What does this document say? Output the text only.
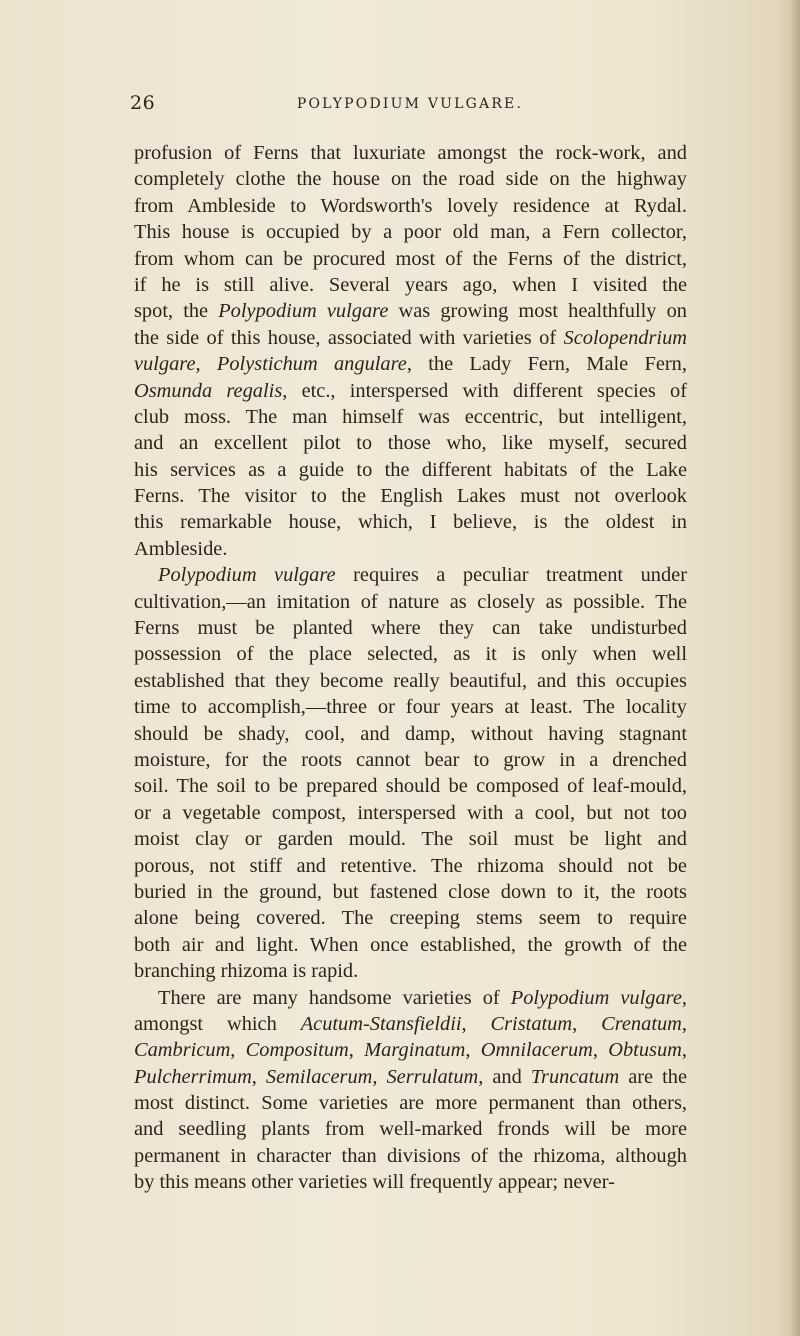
26	POLYPODIUM VULGARE.
profusion of Ferns that luxuriate amongst the rock-work, and
completely clothe the house on the road side on the highway
from Ambleside to Wordsworth's lovely residence at Rydal.
This house is occupied by a poor old man, a Fern collector,
from whom can be procured most of the Ferns of the district,
if he is still alive. Several years ago, when I visited the
spot, the Polypodium vulgare was growing most healthfully on
the side of this house, associated with varieties of Scolopendrium
vulgare, Polystichum angulare, the Lady Fern, Male Fern,
Osmunda regalis, etc., interspersed with different species of
club moss. The man himself was eccentric, but intelligent,
and an excellent pilot to those who, like myself, secured
his services as a guide to the different habitats of the Lake
Ferns. The visitor to the English Lakes must not overlook
this remarkable house, which, I believe, is the oldest in
Ambleside.
Polypodium vulgare requires a peculiar treatment under
cultivation,—an imitation of nature as closely as possible. The
Ferns must be planted where they can take undisturbed
possession of the place selected, as it is only when well
established that they become really beautiful, and this occupies
time to accomplish,—three or four years at least. The locality
should be shady, cool, and damp, without having stagnant
moisture, for the roots cannot bear to grow in a drenched
soil. The soil to be prepared should be composed of leaf-mould,
or a vegetable compost, interspersed with a cool, but not too
moist clay or garden mould. The soil must be light and
porous, not stiff and retentive. The rhizoma should not be
buried in the ground, but fastened close down to it, the roots
alone being covered. The creeping stems seem to require
both air and light. When once established, the growth of the
branching rhizoma is rapid.
There are many handsome varieties of Polypodium vulgare,
amongst which Acutum-Stansfieldii, Cristatum, Crenatum,
Cambricum, Compositum, Marginatum, Omnilacerum, Obtusum,
Pulcherrimum, Semilacerum, Serrulatum, and Truncatum are the
most distinct. Some varieties are more permanent than others,
and seedling plants from well-marked fronds will be more
permanent in character than divisions of the rhizoma, although
by this means other varieties will frequently appear; never-
